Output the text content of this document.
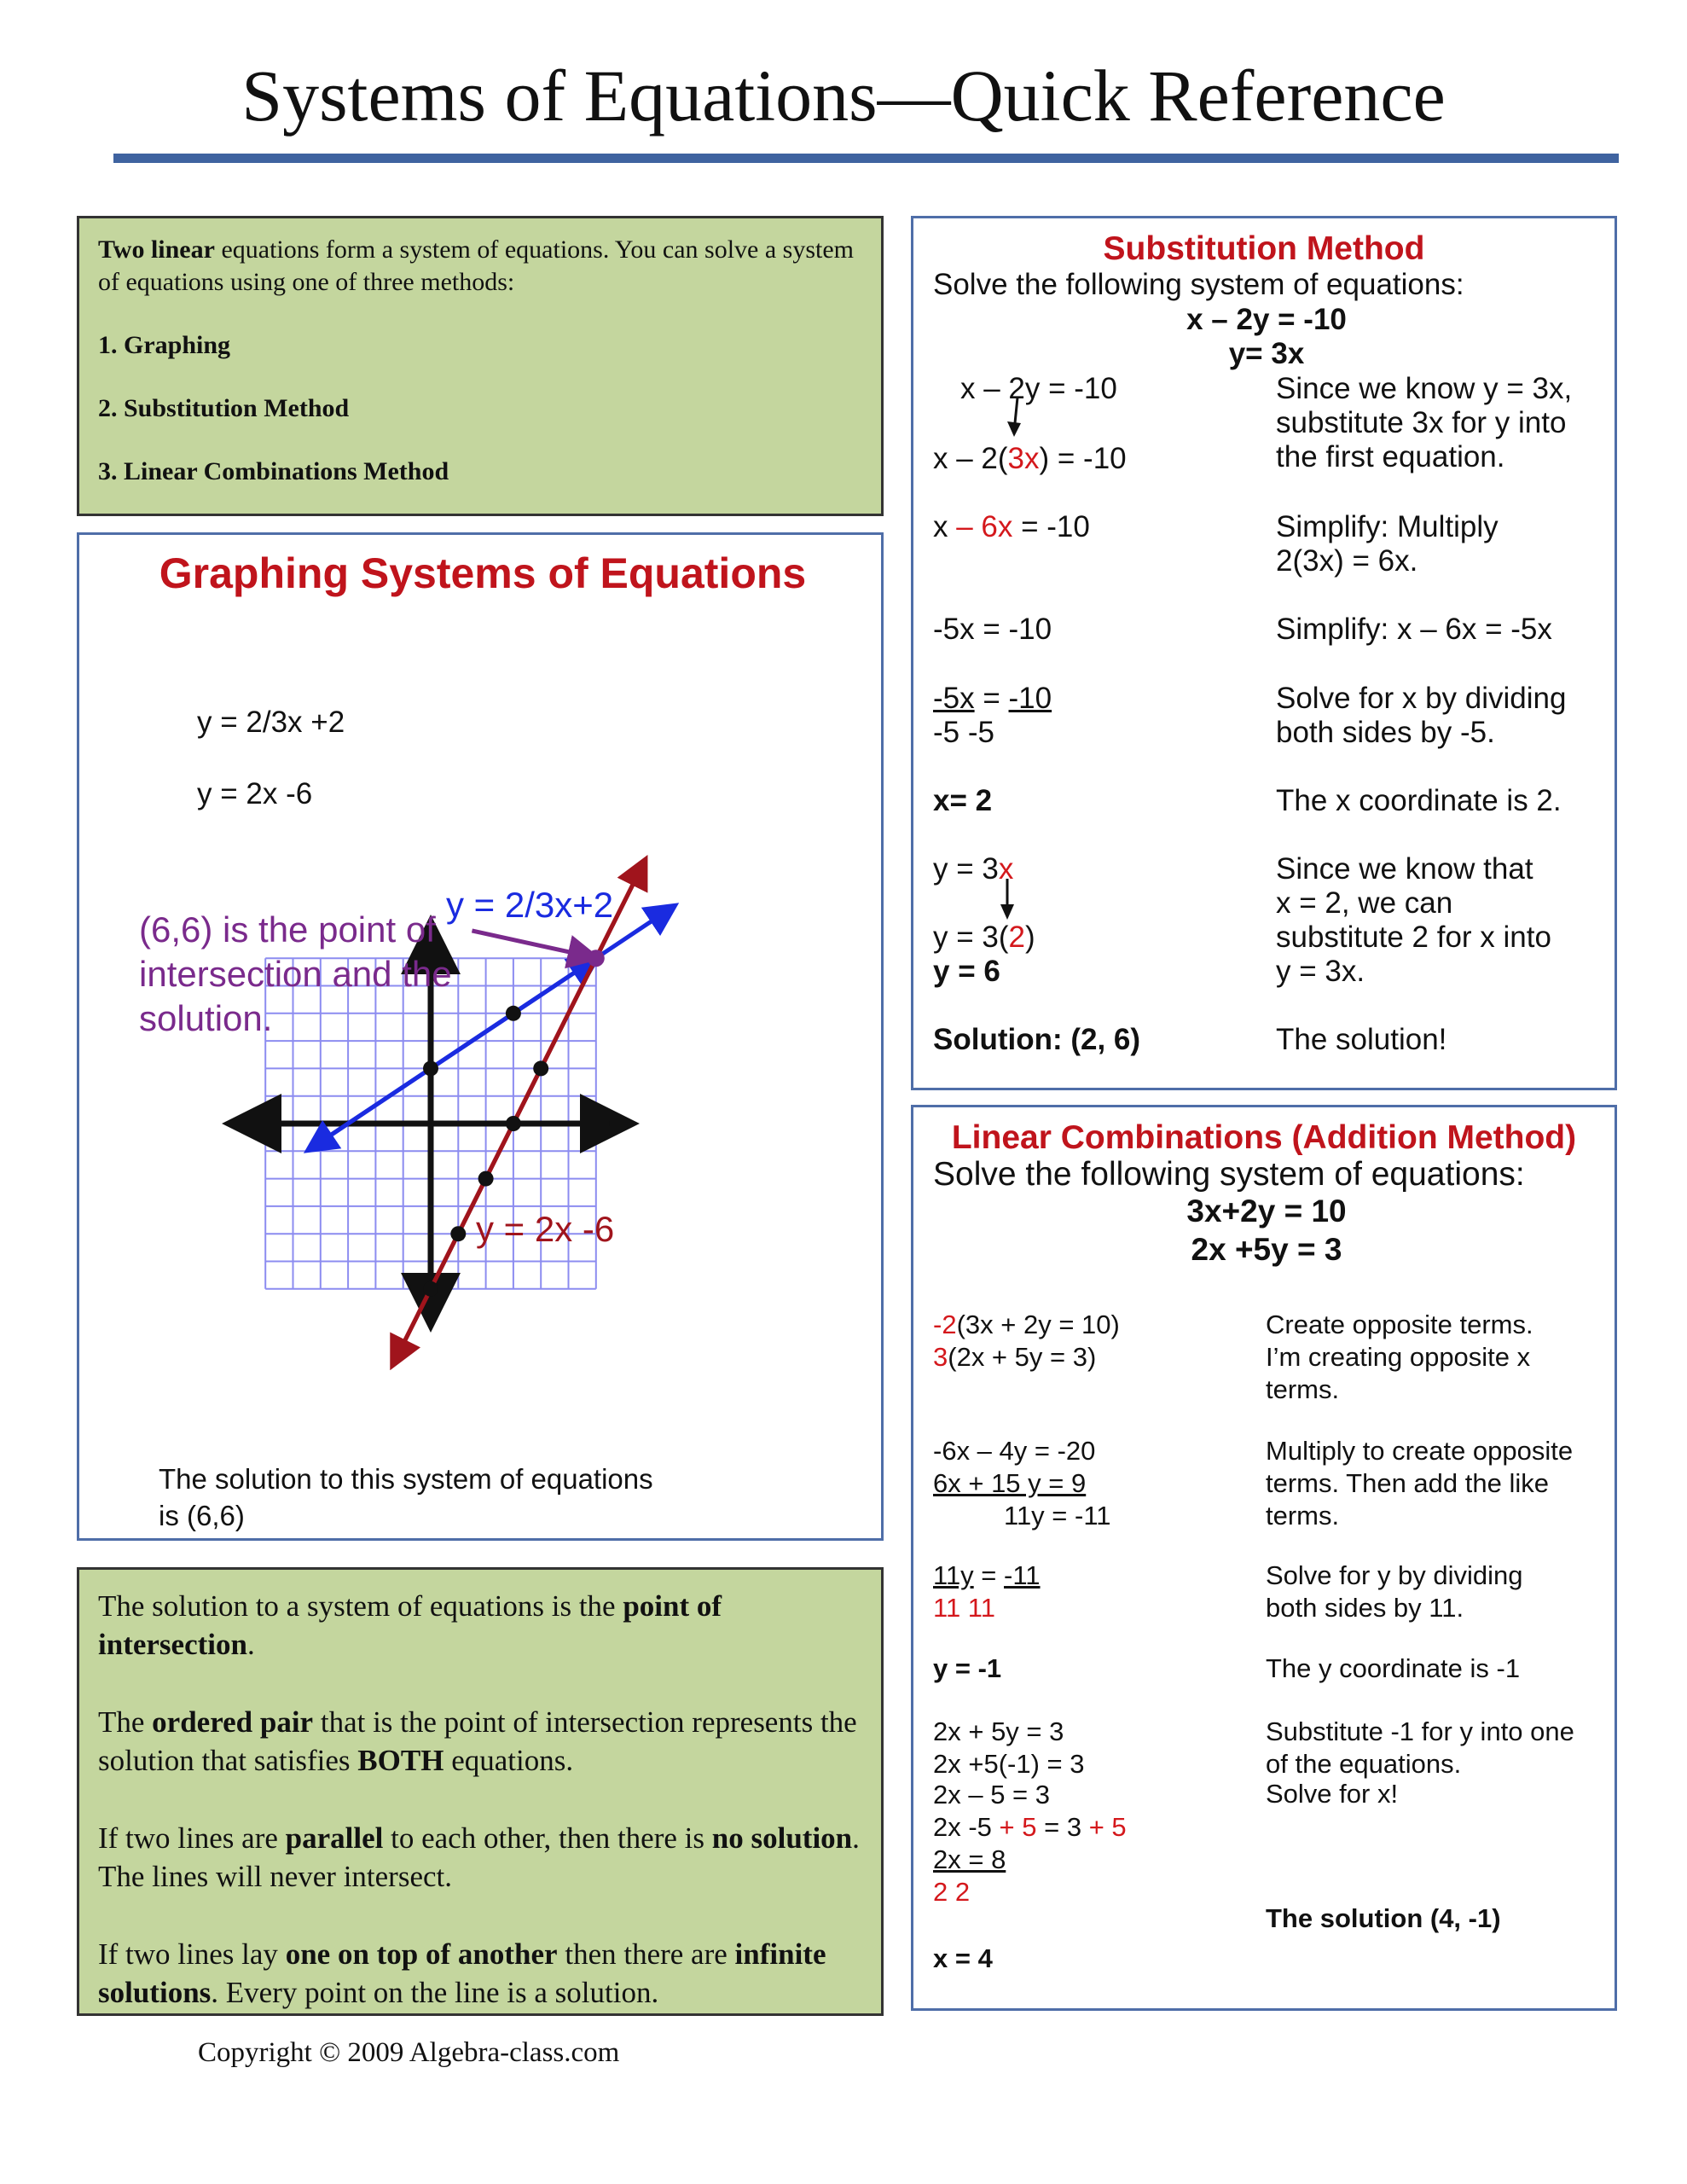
Systems of Equations—Quick Reference
Two linear equations form a system of equations. You can solve a system of equations using one of three methods:
1. Graphing
2. Substitution Method
3. Linear Combinations Method
Graphing Systems of Equations
y = 2/3x +2
y = 2x -6
y = 2/3x+2
y = 2x -6
(6,6) is the point of
intersection and the
solution.
The solution to this system of equations
is (6,6)

The solution to a system of equations is the point of intersection.

The ordered pair that is the point of intersection represents the solution that satisfies BOTH equations.

If two lines are parallel to each other, then there is no solution. The lines will never intersect.

If two lines lay one on top of another then there are infinite solutions. Every point on the line is a solution.

Substitution Method
Solve the following system of equations:
x – 2y = -10
y= 3x
x – 2y = -10
x – 2(3x) = -10
x – 6x = -10
-5x = -10
-5x = -10
-5 -5
x= 2
y = 3x
y = 3(2)
y = 6
Solution: (2, 6)
Since we know y = 3x,
substitute 3x for y into
the first equation.
Simplify: Multiply
2(3x) = 6x.
Simplify: x – 6x = -5x
Solve for x by dividing
both sides by -5.
The x coordinate is 2.
Since we know that
x = 2, we can
substitute 2 for x into
y = 3x.
The solution!
Linear Combinations (Addition Method)
Solve the following system of equations:
3x+2y = 10
2x +5y = 3
-2(3x + 2y = 10)
3(2x + 5y = 3)
-6x – 4y = -20
6x + 15 y = 9
11y = -11
11y = -11
11 11
y = -1
2x + 5y = 3
2x +5(-1) = 3
2x – 5 = 3
2x -5 + 5 = 3 + 5
2x = 8
2 2
x = 4
Create opposite terms.
I’m creating opposite x
terms.
Multiply to create opposite
terms. Then add the like
terms.
Solve for y by dividing
both sides by 11.
The y coordinate is -1
Substitute -1 for y into one
of the equations.
Solve for x!
The solution (4, -1)
Copyright © 2009 Algebra-class.com
